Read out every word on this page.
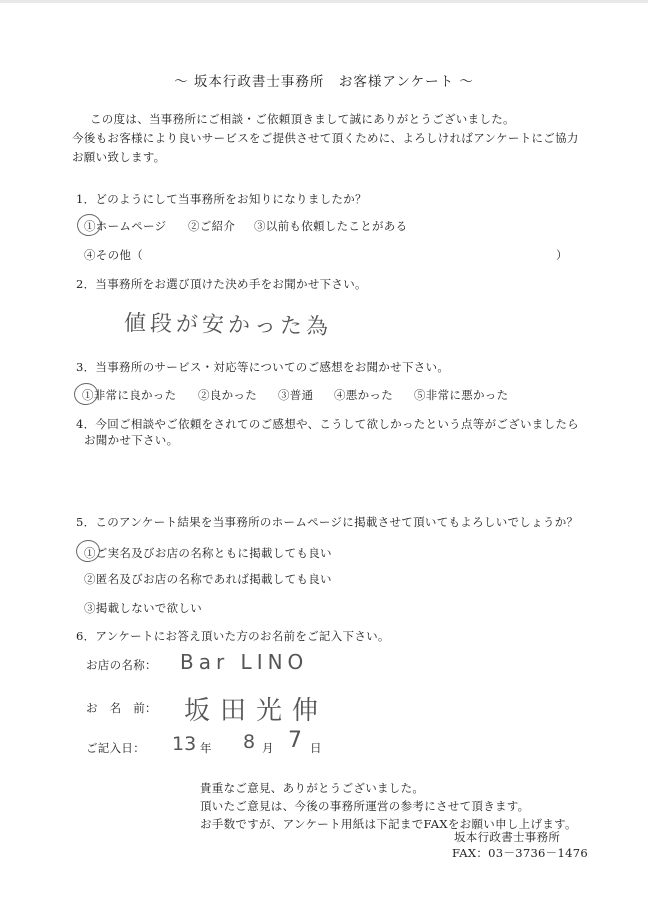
～ 坂本行政書士事務所　お客様アンケート ～
この度は、当事務所にご相談・ご依頼頂きまして誠にありがとうございました。
今後もお客様により良いサービスをご提供させて頂くために、よろしければアンケートにご協力
お願い致します。
1．どのようにして当事務所をお知りになりましたか？
①ホームページ ②ご紹介 ③以前も依頼したことがある
④その他（	）
2．当事務所をお選び頂けた決め手をお聞かせ下さい。
値段が安かった為
3．当事務所のサービス・対応等についてのご感想をお聞かせ下さい。
①非常に良かった ②良かった ③普通 ④悪かった ⑤非常に悪かった
4．今回ご相談やご依頼をされてのご感想や、こうして欲しかったという点等がございましたら
お聞かせ下さい。
5．このアンケート結果を当事務所のホームページに掲載させて頂いてもよろしいでしょうか？
①ご実名及びお店の名称ともに掲載しても良い
②匿名及びお店の名称であれば掲載しても良い
③掲載しないで欲しい
6．アンケートにお答え頂いた方のお名前をご記入下さい。
お店の名称： Bar LINO
お　名　前： 坂田光伸
ご記入日： 13 年 8 月 7 日
貴重なご意見、ありがとうございました。
頂いたご意見は、今後の事務所運営の参考にさせて頂きます。
お手数ですが、アンケート用紙は下記までFAXをお願い申し上げます。
坂本行政書士事務所
FAX：03－3736－1476
